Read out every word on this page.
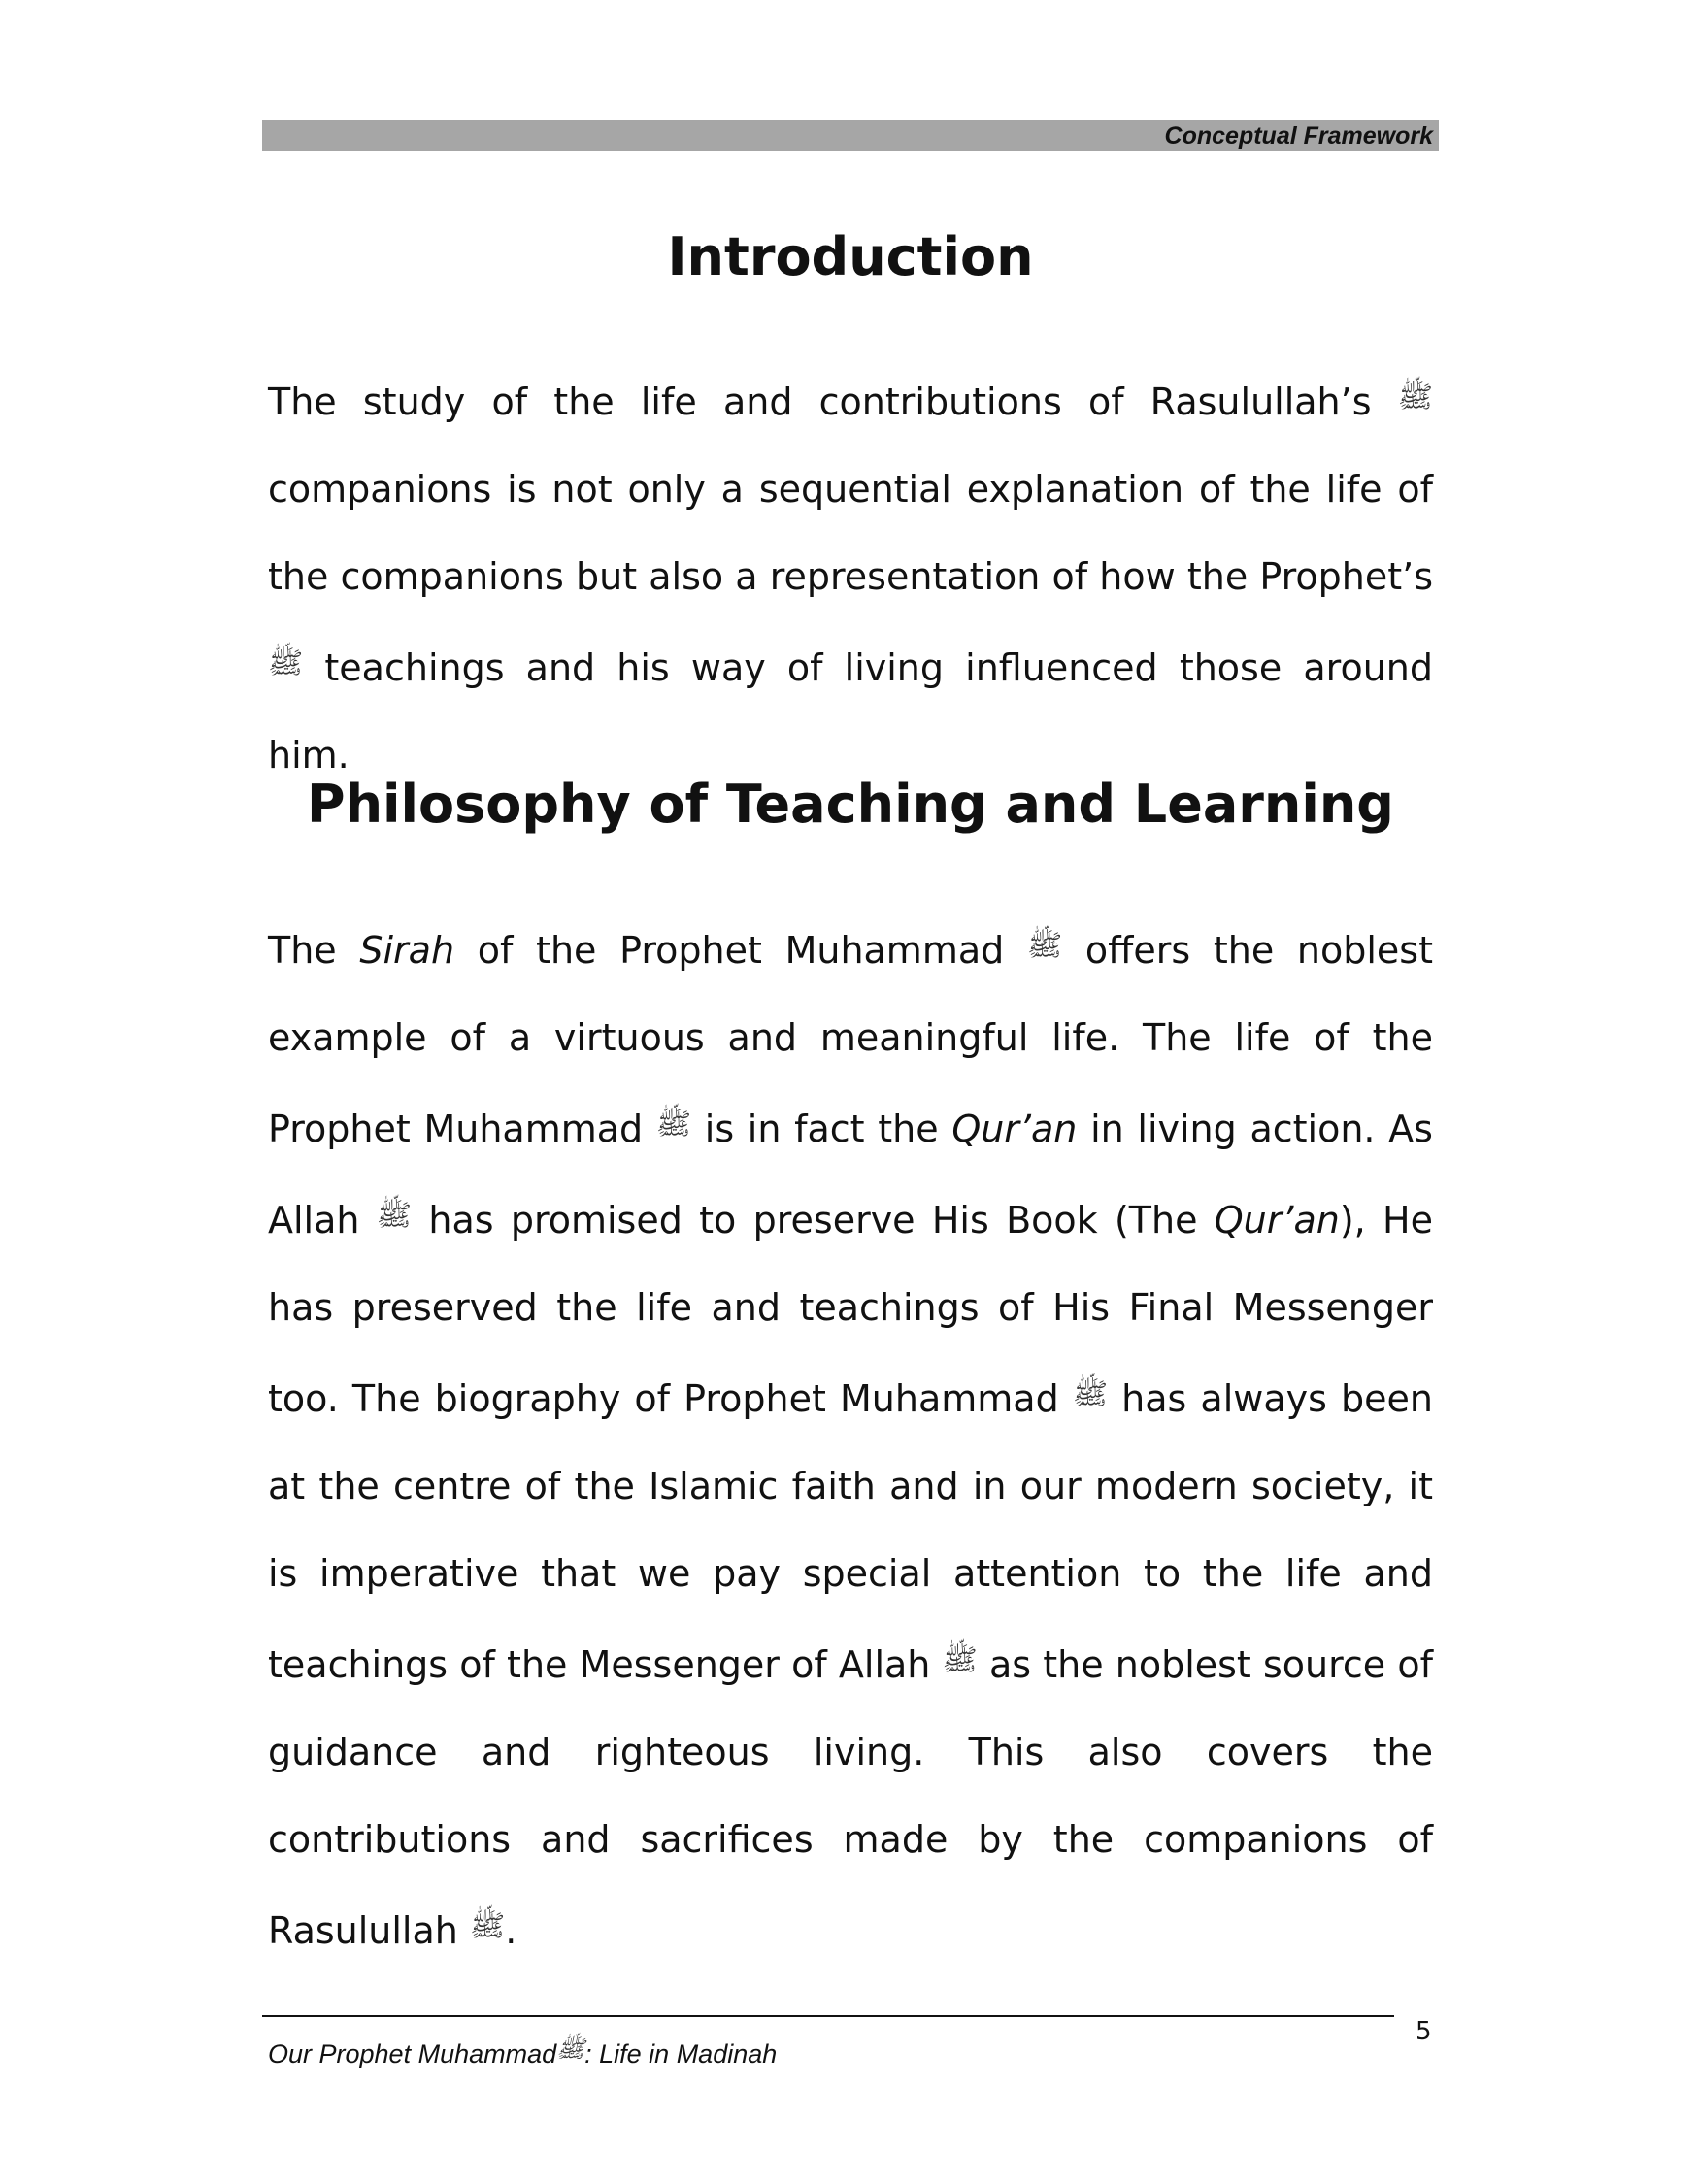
Conceptual Framework
Introduction

The study of the life and contributions of Rasulullah’s $^ﷺ$ companions is not only a sequential explanation of the life of the companions but also a representation of how the Prophet’s $^ﷺ$ teachings and his way of living influenced those around him.

Philosophy of Teaching and Learning

The Sirah of the Prophet Muhammad $^ﷺ$ offers the noblest example of a virtuous and meaningful life. The life of the Prophet Muhammad $^ﷺ$ is in fact the Qur’an in living action. As Allah $^ﷺ$ has promised to preserve His Book (The Qur’an), He has preserved the life and teachings of His Final Messenger too. The biography of Prophet Muhammad $^ﷺ$ has always been at the centre of the Islamic faith and in our modern society, it is imperative that we pay special attention to the life and teachings of the Messenger of Allah $^ﷺ$ as the noblest source of guidance and righteous living. This also covers the contributions and sacrifices made by the companions of Rasulullah $^ﷺ$.

Our Prophet Muhammadﷺ: Life in Madinah
5
